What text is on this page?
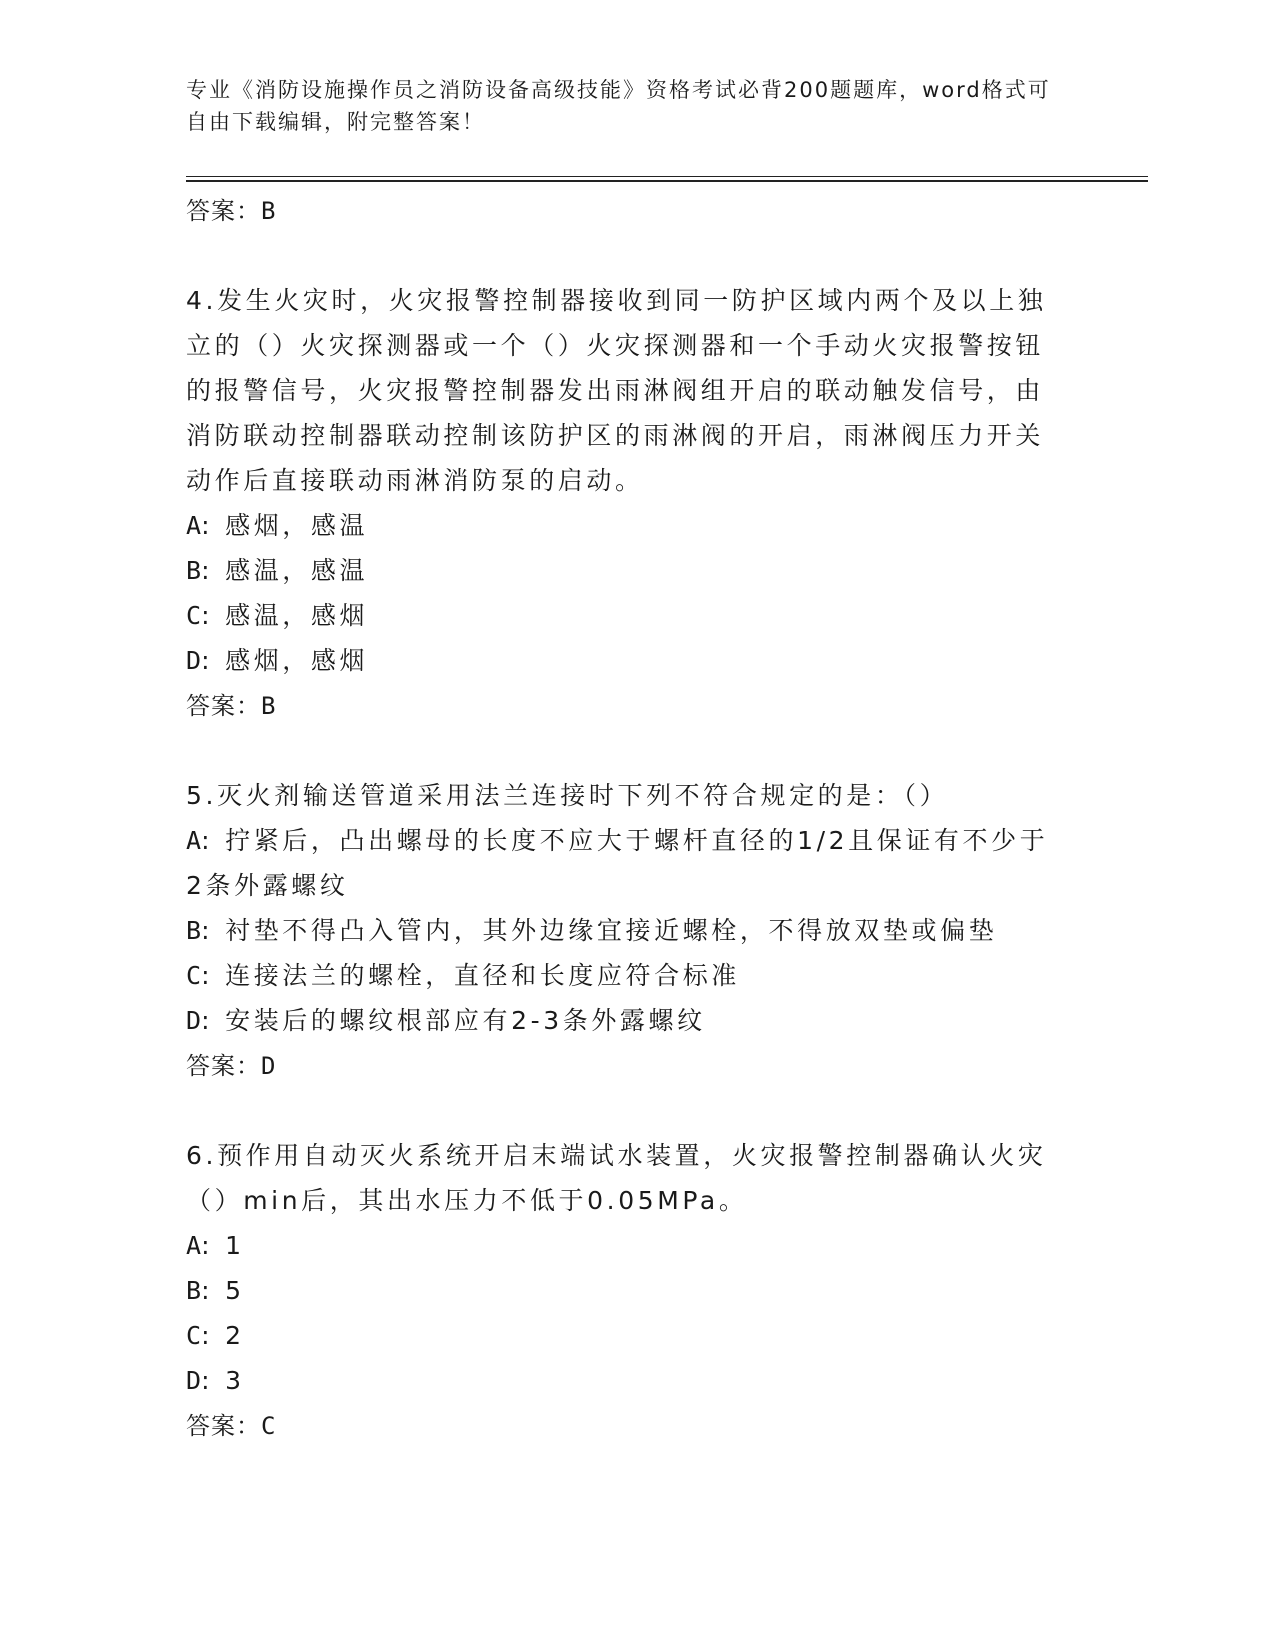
专业《消防设施操作员之消防设备高级技能》资格考试必背200题题库，word格式可自由下载编辑，附完整答案！
答案：B
4.发生火灾时，火灾报警控制器接收到同一防护区域内两个及以上独立的（）火灾探测器或一个（）火灾探测器和一个手动火灾报警按钮的报警信号，火灾报警控制器发出雨淋阀组开启的联动触发信号，由消防联动控制器联动控制该防护区的雨淋阀的开启，雨淋阀压力开关动作后直接联动雨淋消防泵的启动。
A: 感烟，感温
B: 感温，感温
C: 感温，感烟
D: 感烟，感烟
答案：B
5.灭火剂输送管道采用法兰连接时下列不符合规定的是：（）
A: 拧紧后，凸出螺母的长度不应大于螺杆直径的1/2且保证有不少于2条外露螺纹
B: 衬垫不得凸入管内，其外边缘宜接近螺栓，不得放双垫或偏垫
C: 连接法兰的螺栓，直径和长度应符合标准
D: 安装后的螺纹根部应有2-3条外露螺纹
答案：D
6.预作用自动灭火系统开启末端试水装置，火灾报警控制器确认火灾（）min后，其出水压力不低于0.05MPa。
A: 1
B: 5
C: 2
D: 3
答案：C
